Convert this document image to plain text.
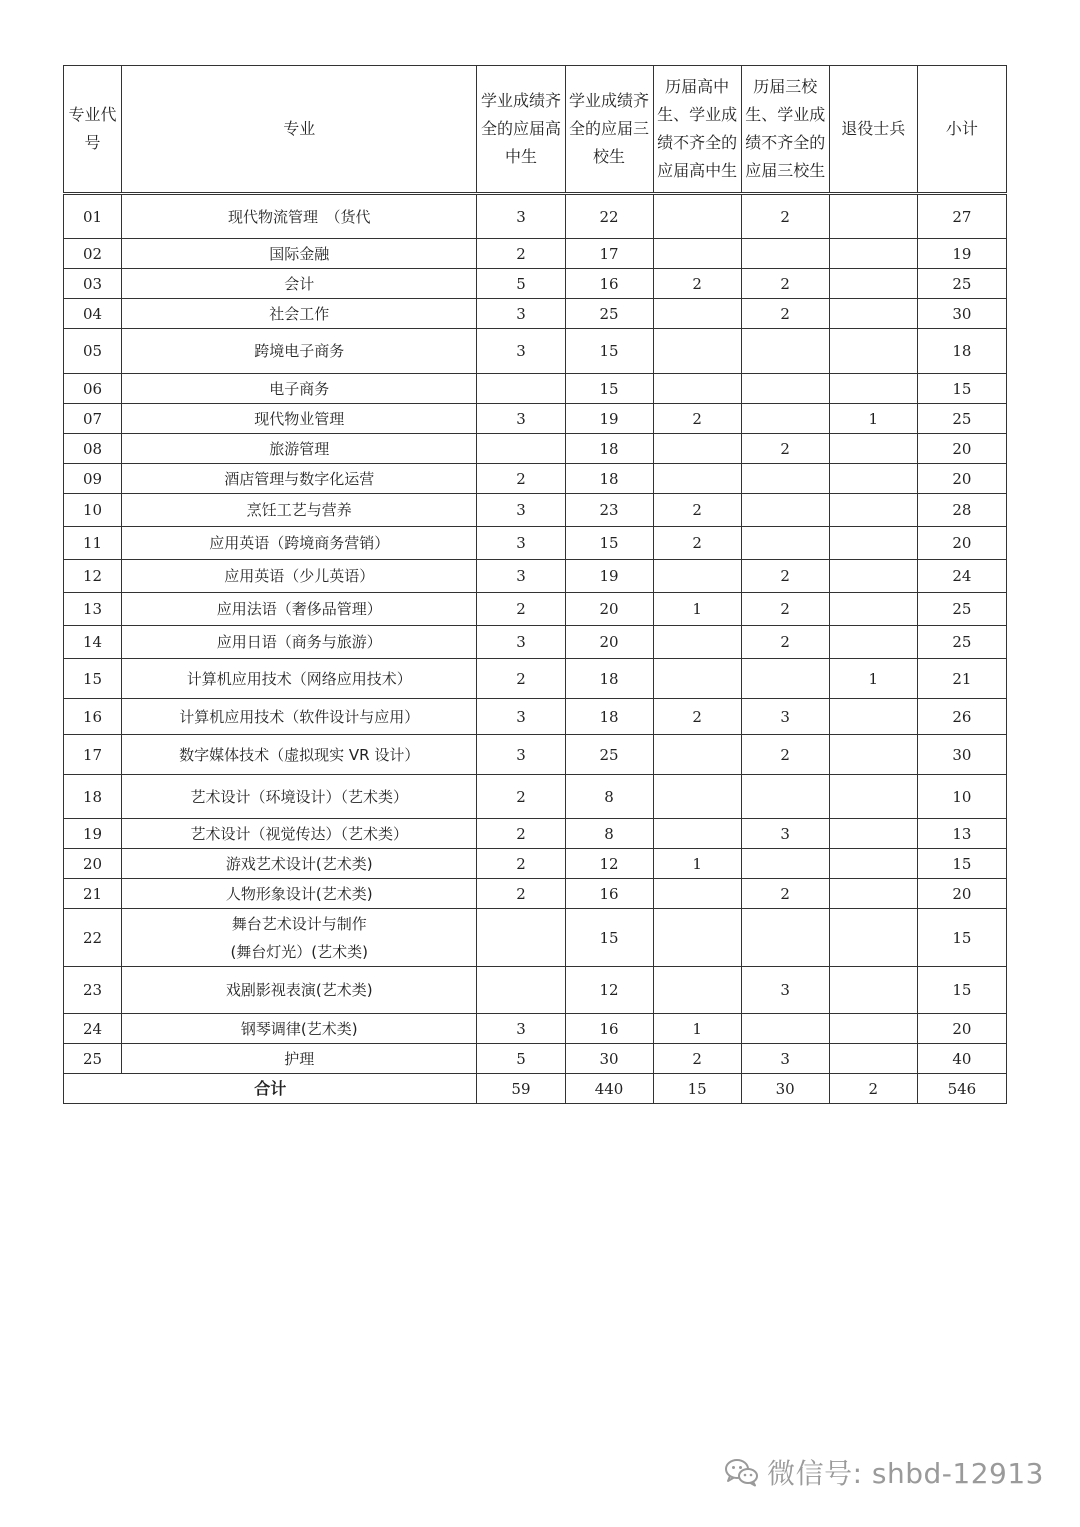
专业代号	专业	学业成绩齐全的应届高中生	学业成绩齐全的应届三校生	历届高中生、学业成绩不齐全的应届高中生	历届三校生、学业成绩不齐全的应届三校生	退役士兵	小计
01	现代物流管理　（货代	3	22		2		27
02	国际金融	2	17				19
03	会计	5	16	2	2		25
04	社会工作	3	25		2		30
05	跨境电子商务	3	15				18
06	电子商务		15				15
07	现代物业管理	3	19	2		1	25
08	旅游管理		18		2		20
09	酒店管理与数字化运营	2	18				20
10	烹饪工艺与营养	3	23	2			28
11	应用英语（跨境商务营销）	3	15	2			20
12	应用英语（少儿英语）	3	19		2		24
13	应用法语（奢侈品管理）	2	20	1	2		25
14	应用日语（商务与旅游）	3	20		2		25
15	计算机应用技术（网络应用技术）	2	18			1	21
16	计算机应用技术（软件设计与应用）	3	18	2	3		26
17	数字媒体技术（虚拟现实 VR 设计）	3	25		2		30
18	艺术设计（环境设计）（艺术类）	2	8				10
19	艺术设计（视觉传达）（艺术类）	2	8		3		13
20	游戏艺术设计(艺术类)	2	12	1			15
21	人物形象设计(艺术类)	2	16		2		20
22	舞台艺术设计与制作
(舞台灯光）(艺术类)		15				15
23	戏剧影视表演(艺术类)		12		3		15
24	钢琴调律(艺术类)	3	16	1			20
25	护理	5	30	2	3		40
合计		59	440	15	30	2	546
微信号: shbd-12913
